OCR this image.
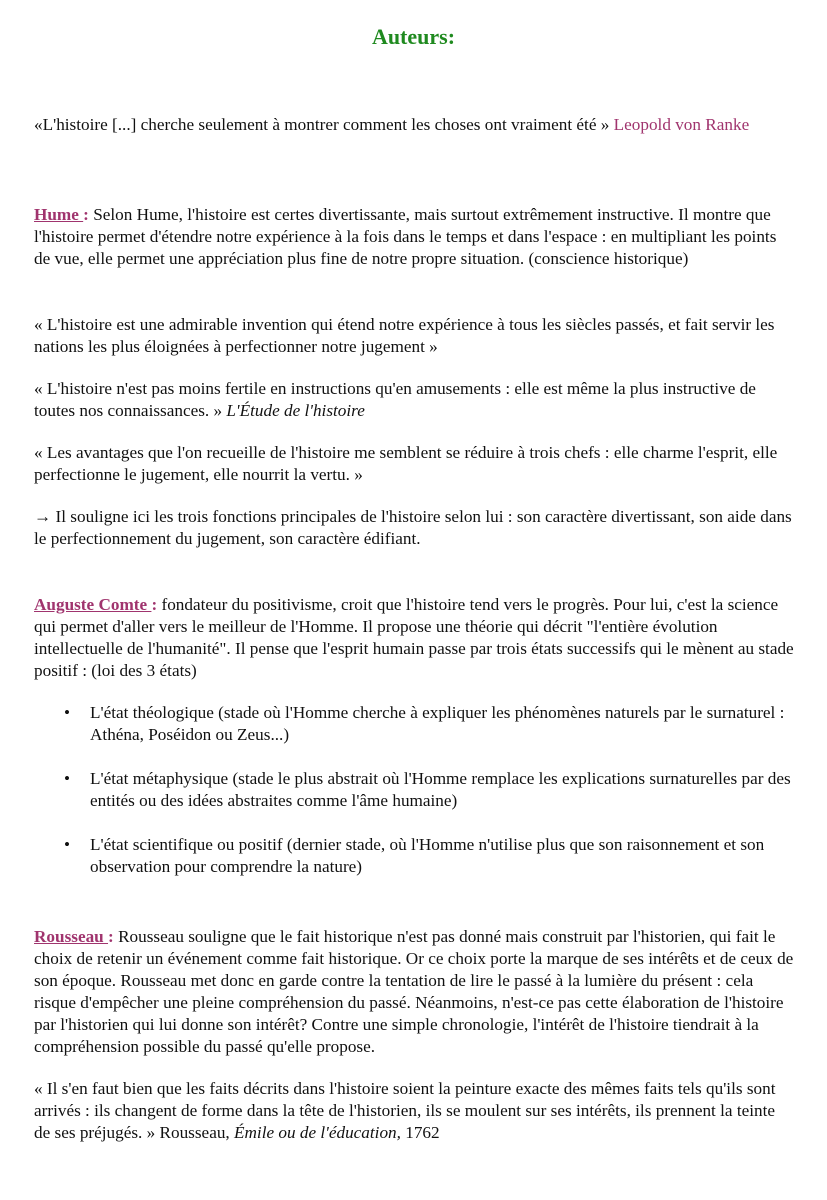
Auteurs:

«L'histoire [...] cherche seulement à montrer comment les choses ont vraiment été » Leopold von Ranke

Hume : Selon Hume, l'histoire est certes divertissante, mais surtout extrêmement instructive. Il montre que l'histoire permet d'étendre notre expérience à la fois dans le temps et dans l'espace : en multipliant les points de vue, elle permet une appréciation plus fine de notre propre situation. (conscience historique)

« L'histoire est une admirable invention qui étend notre expérience à tous les siècles passés, et fait servir les nations les plus éloignées à perfectionner notre jugement »

« L'histoire n'est pas moins fertile en instructions qu'en amusements : elle est même la plus instructive de toutes nos connaissances. » L'Étude de l'histoire

« Les avantages que l'on recueille de l'histoire me semblent se réduire à trois chefs : elle charme l'esprit, elle perfectionne le jugement, elle nourrit la vertu. »

→ Il souligne ici les trois fonctions principales de l'histoire selon lui : son caractère divertissant, son aide dans le perfectionnement du jugement, son caractère édifiant.

Auguste Comte : fondateur du positivisme, croit que l'histoire tend vers le progrès. Pour lui, c'est la science qui permet d'aller vers le meilleur de l'Homme. Il propose une théorie qui décrit "l'entière évolution intellectuelle de l'humanité". Il pense que l'esprit humain passe par trois états successifs qui le mènent au stade positif : (loi des 3 états)

• L'état théologique (stade où l'Homme cherche à expliquer les phénomènes naturels par le surnaturel : Athéna, Poséidon ou Zeus...)
• L'état métaphysique (stade le plus abstrait où l'Homme remplace les explications surnaturelles par des entités ou des idées abstraites comme l'âme humaine)
• L'état scientifique ou positif (dernier stade, où l'Homme n'utilise plus que son raisonnement et son observation pour comprendre la nature)

Rousseau : Rousseau souligne que le fait historique n'est pas donné mais construit par l'historien, qui fait le choix de retenir un événement comme fait historique. Or ce choix porte la marque de ses intérêts et de ceux de son époque. Rousseau met donc en garde contre la tentation de lire le passé à la lumière du présent : cela risque d'empêcher une pleine compréhension du passé. Néanmoins, n'est-ce pas cette élaboration de l'histoire par l'historien qui lui donne son intérêt? Contre une simple chronologie, l'intérêt de l'histoire tiendrait à la compréhension possible du passé qu'elle propose.

« Il s'en faut bien que les faits décrits dans l'histoire soient la peinture exacte des mêmes faits tels qu'ils sont arrivés : ils changent de forme dans la tête de l'historien, ils se moulent sur ses intérêts, ils prennent la teinte de ses préjugés. » Rousseau, Émile ou de l'éducation, 1762
